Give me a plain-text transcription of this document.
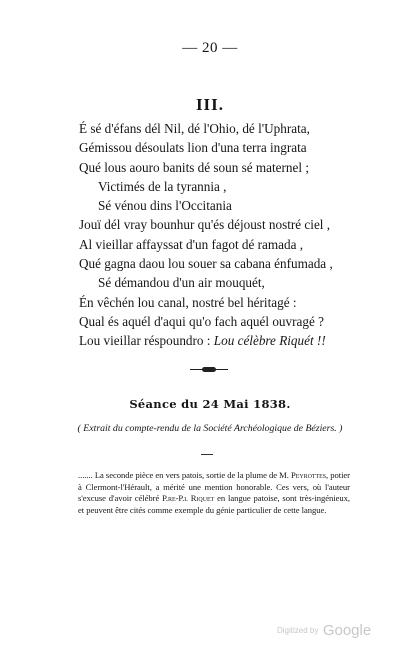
— 20 —
III.
É sé d'éfans dél Nil, dé l'Ohio, dé l'Uphrata,
Gémissou désoulats lion d'una terra ingrata
Qué lous aouro banits dé soun sé maternel ;
Victimés de la tyrannia ,
Sé vénou dins l'Occitania
Jouï dél vray bounhur qu'és déjoust nostré ciel ,
Al vieillar affayssat d'un fagot dé ramada ,
Qué gagna daou lou souer sa cabana énfumada ,
Sé démandou d'un air mouquét,
Én vêchén lou canal, nostré bel héritagé :
Qual és aquél d'aqui qu'o fach aquél ouvragé ?
Lou vieillar réspoundro : Lou célèbre Riquét !!
Séance du 24 Mai 1838.
( Extrait du compte-rendu de la Société Archéologique de Béziers. )
....... La seconde pièce en vers patois, sortie de la plume de M. Peyrottes, potier à Clermont-l'Hérault, a mérité une mention honorable. Ces vers, où l'auteur s'excuse d'avoir célébré P.re-P.l Riquet en langue patoise, sont très-ingénieux, et peuvent être cités comme exemple du génie particulier de cette langue.
Digitized by Google
